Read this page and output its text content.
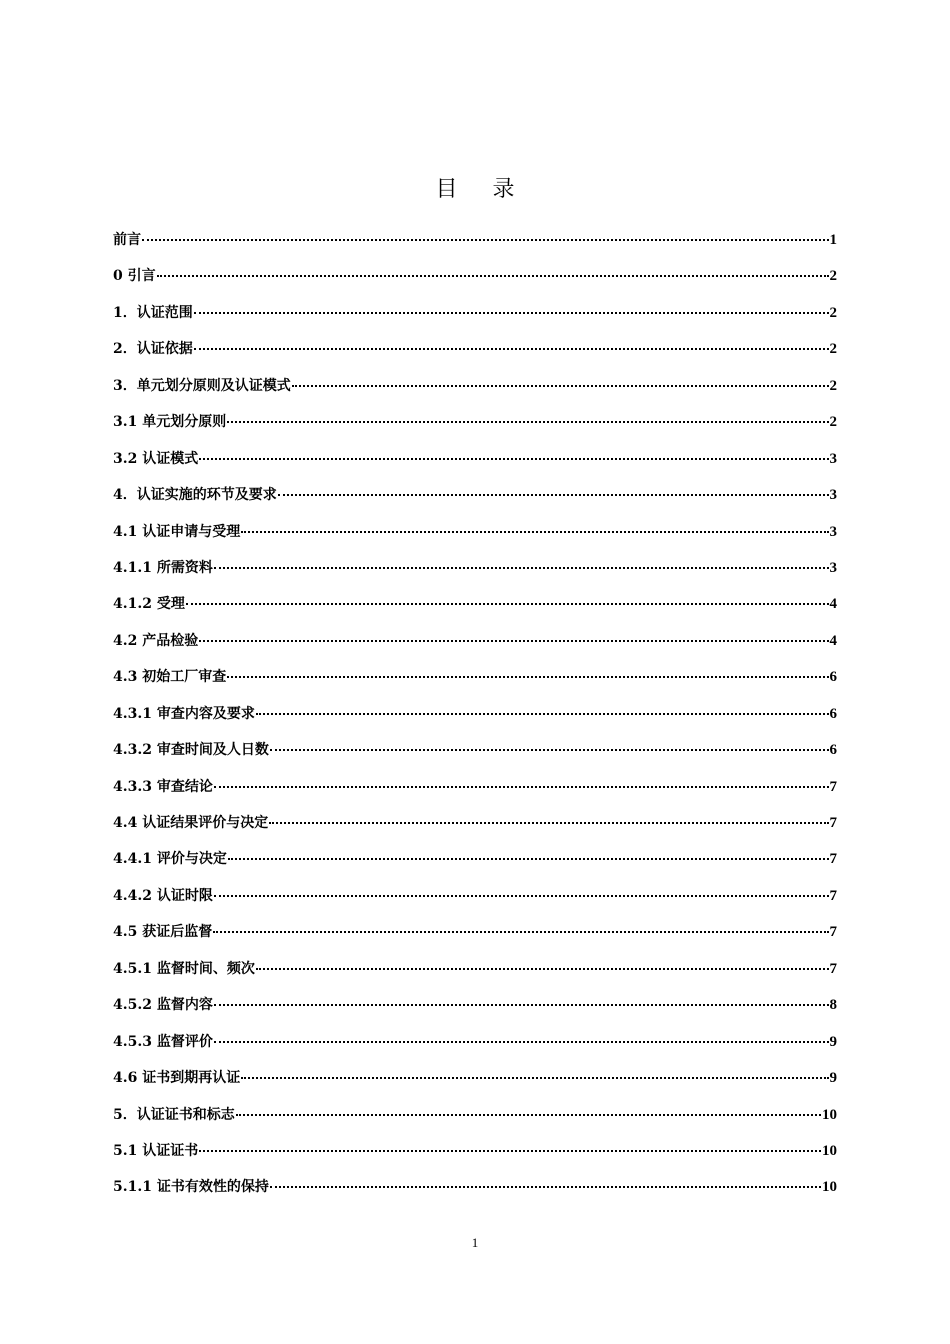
目 录
前言	1
0 引言	2
1．认证范围	2
2．认证依据	2
3．单元划分原则及认证模式	2
3.1 单元划分原则	2
3.2 认证模式	3
4．认证实施的环节及要求	3
4.1 认证申请与受理	3
4.1.1 所需资料	3
4.1.2 受理	4
4.2 产品检验	4
4.3 初始工厂审查	6
4.3.1 审查内容及要求	6
4.3.2 审查时间及人日数	6
4.3.3 审查结论	7
4.4 认证结果评价与决定	7
4.4.1 评价与决定	7
4.4.2 认证时限	7
4.5 获证后监督	7
4.5.1 监督时间、频次	7
4.5.2 监督内容	8
4.5.3 监督评价	9
4.6 证书到期再认证	9
5．认证证书和标志	10
5.1 认证证书	10
5.1.1 证书有效性的保持	10
1
